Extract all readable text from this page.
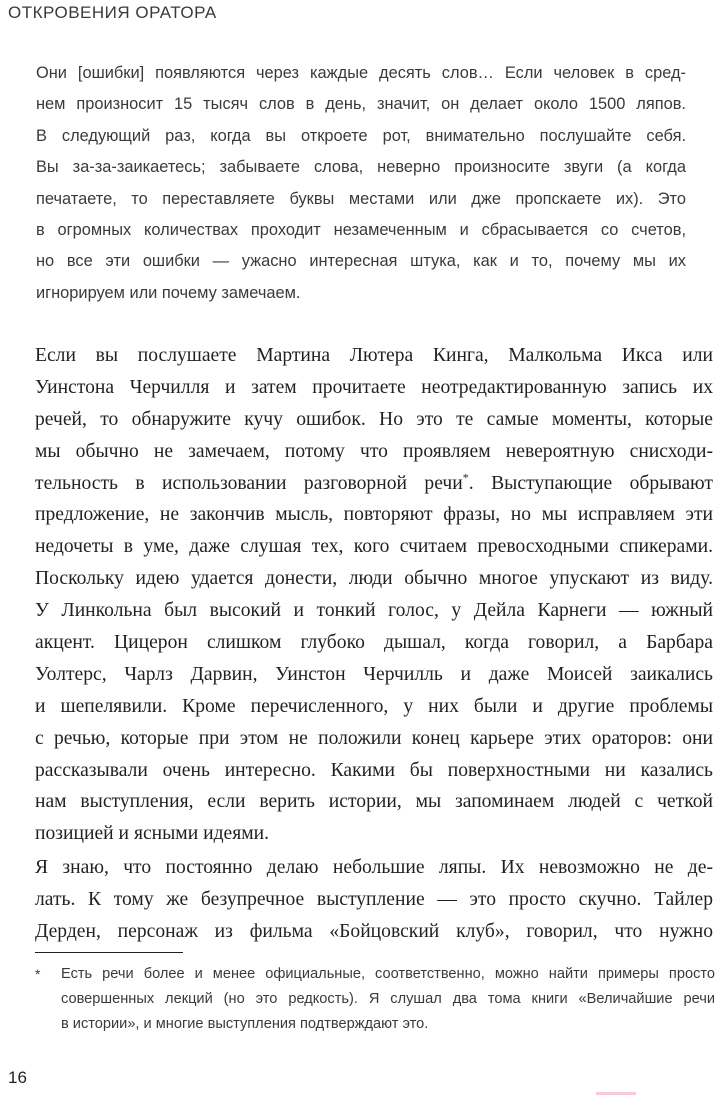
ОТКРОВЕНИЯ ОРАТОРА
Они [ошибки] появляются через каждые десять слов… Если человек в сред-
нем произносит 15 тысяч слов в день, значит, он делает около 1500 ляпов.
В следующий раз, когда вы откроете рот, внимательно послушайте себя.
Вы за-за-заикаетесь; забываете слова, неверно произносите звуги (а когда
печатаете, то переставляете буквы местами или дже пропскаете их). Это
в огромных количествах проходит незамеченным и сбрасывается со счетов,
но все эти ошибки — ужасно интересная штука, как и то, почему мы их
игнорируем или почему замечаем.
Если вы послушаете Мартина Лютера Кинга, Малкольма Икса или
Уинстона Черчилля и затем прочитаете неотредактированную запись их
речей, то обнаружите кучу ошибок. Но это те самые моменты, которые
мы обычно не замечаем, потому что проявляем невероятную снисходи-
тельность в использовании разговорной речи*. Выступающие обрывают
предложение, не закончив мысль, повторяют фразы, но мы исправляем эти
недочеты в уме, даже слушая тех, кого считаем превосходными спикерами.
Поскольку идею удается донести, люди обычно многое упускают из виду.
У Линкольна был высокий и тонкий голос, у Дейла Карнеги — южный
акцент. Цицерон слишком глубоко дышал, когда говорил, а Барбара
Уолтерс, Чарлз Дарвин, Уинстон Черчилль и даже Моисей заикались
и шепелявили. Кроме перечисленного, у них были и другие проблемы
с речью, которые при этом не положили конец карьере этих ораторов: они
рассказывали очень интересно. Какими бы поверхностными ни казались
нам выступления, если верить истории, мы запоминаем людей с четкой
позицией и ясными идеями.
Я знаю, что постоянно делаю небольшие ляпы. Их невозможно не де-
лать. К тому же безупречное выступление — это просто скучно. Тайлер
Дерден, персонаж из фильма «Бойцовский клуб», говорил, что нужно
* Есть речи более и менее официальные, соответственно, можно найти примеры просто
совершенных лекций (но это редкость). Я слушал два тома книги «Величайшие речи
в истории», и многие выступления подтверждают это.
16
